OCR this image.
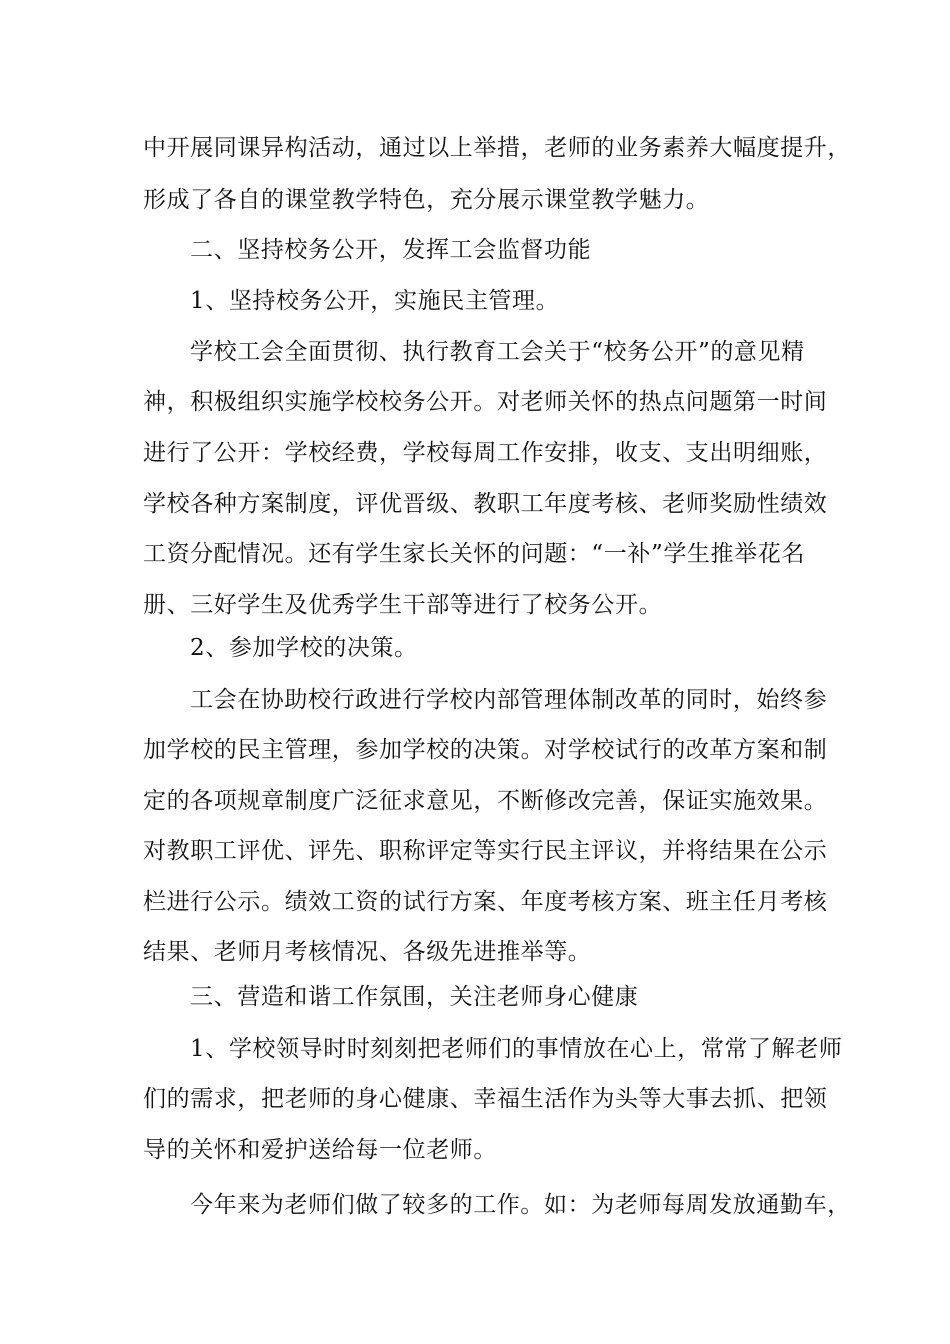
中开展同课异构活动，通过以上举措，老师的业务素养大幅度提升，
形成了各自的课堂教学特色，充分展示课堂教学魅力。
二、坚持校务公开，发挥工会监督功能
1、坚持校务公开，实施民主管理。
学校工会全面贯彻、执行教育工会关于“校务公开”的意见精
神，积极组织实施学校校务公开。对老师关怀的热点问题第一时间
进行了公开：学校经费，学校每周工作安排，收支、支出明细账，
学校各种方案制度，评优晋级、教职工年度考核、老师奖励性绩效
工资分配情况。还有学生家长关怀的问题：“一补”学生推举花名
册、三好学生及优秀学生干部等进行了校务公开。
2、参加学校的决策。
工会在协助校行政进行学校内部管理体制改革的同时，始终参
加学校的民主管理，参加学校的决策。对学校试行的改革方案和制
定的各项规章制度广泛征求意见，不断修改完善，保证实施效果。
对教职工评优、评先、职称评定等实行民主评议，并将结果在公示
栏进行公示。绩效工资的试行方案、年度考核方案、班主任月考核
结果、老师月考核情况、各级先进推举等。
三、营造和谐工作氛围，关注老师身心健康
1、学校领导时时刻刻把老师们的事情放在心上，常常了解老师
们的需求，把老师的身心健康、幸福生活作为头等大事去抓、把领
导的关怀和爱护送给每一位老师。
今年来为老师们做了较多的工作。如：为老师每周发放通勤车，
